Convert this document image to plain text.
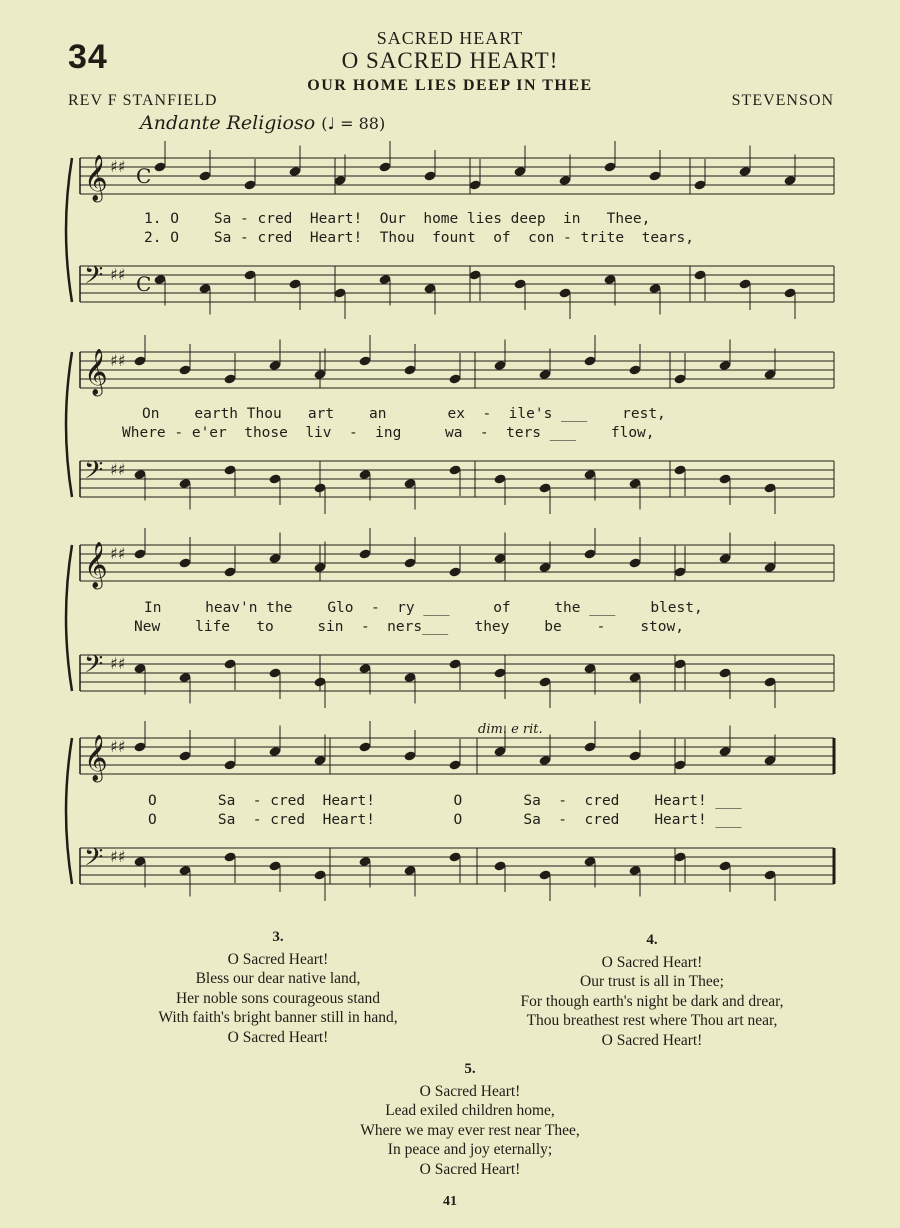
34	SACRED HEART
O SACRED HEART!
OUR HOME LIES DEEP IN THEE
REV F STANFIELD	STEVENSON
Andante Religioso (♩ = 88)
𝄞 ♯♯ C
𝄢 ♯♯ C
𝄞 ♯♯
𝄢 ♯♯
𝄞 ♯♯
𝄢 ♯♯
𝄞 ♯♯
𝄢 ♯♯
dim. e rit.
1. O    Sa - cred  Heart!  Our  home lies deep  in   Thee,
2. O    Sa - cred  Heart!  Thou  fount  of  con - trite  tears,
On    earth Thou   art    an       ex  -  ile's ___    rest,
Where - e'er  those  liv  -  ing     wa  -  ters ___    flow,
In     heav'n the    Glo  -  ry ___     of     the ___    blest,
New    life   to     sin  -  ners___   they    be    -    stow,
O       Sa  - cred  Heart!         O       Sa  -  cred    Heart! ___
O       Sa  - cred  Heart!         O       Sa  -  cred    Heart! ___
3.
O Sacred Heart!
Bless our dear native land,
Her noble sons courageous stand
With faith's bright banner still in hand,
O Sacred Heart!
4.
O Sacred Heart!
Our trust is all in Thee;
For though earth's night be dark and drear,
Thou breathest rest where Thou art near,
O Sacred Heart!
5.
O Sacred Heart!
Lead exiled children home,
Where we may ever rest near Thee,
In peace and joy eternally;
O Sacred Heart!
41
